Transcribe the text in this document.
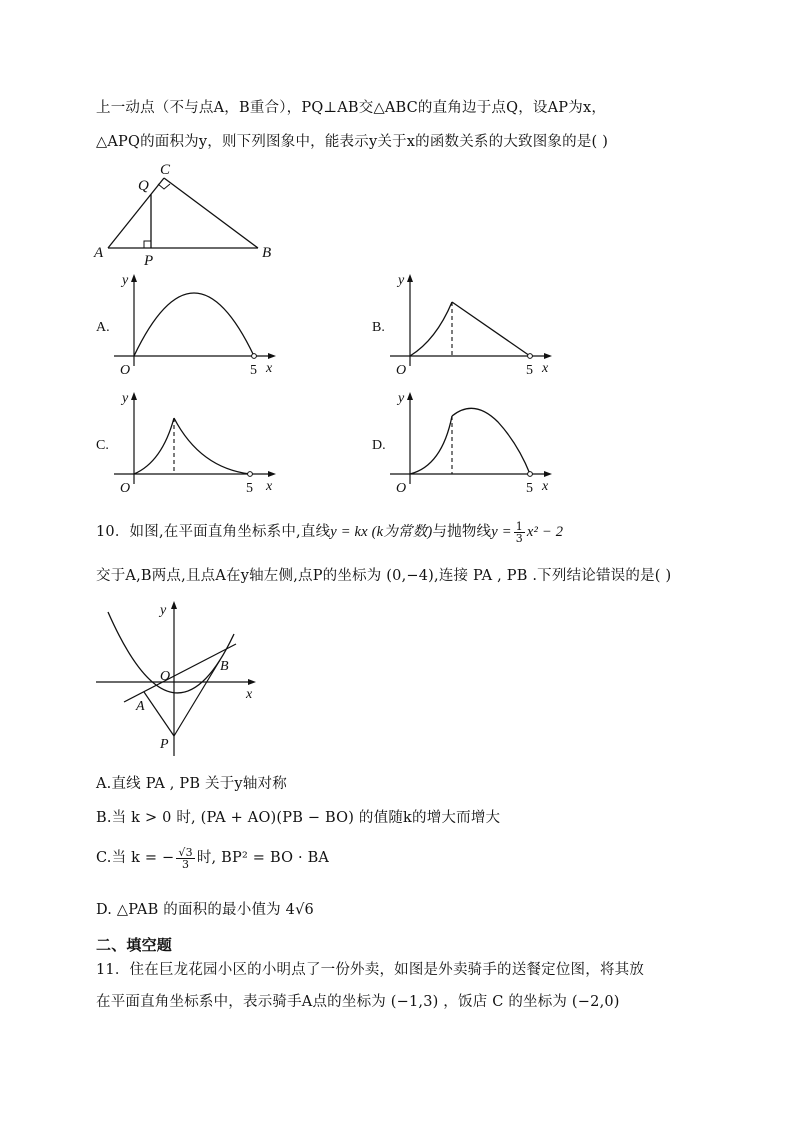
上一动点（不与点A，B重合），PQ⊥AB交△ABC的直角边于点Q，设AP为x，
△APQ的面积为y，则下列图象中，能表示y关于x的函数关系的大致图象的是( )
A	B
C
P
Q
A.	B.
C.	D.
y
x
O	5
y
x
O	5
y
x
O	5
y
x
O	5
10．如图,在平面直角坐标系中,直线y = kx (k为常数)与抛物线$y = \frac{1}{3} x^2 - 2$
交于A,B两点,且点A在y轴左侧,点P的坐标为 (0,−4),连接 PA , PB .下列结论错误的是( )
y
x
O
A
B
P
A.直线 PA , PB 关于y轴对称
B.当 k > 0 时, (PA + AO)(PB − BO) 的值随k的增大而增大
C.当 k = − $\frac{√3}{3}$ 时, BP² = BO · BA
D. △PAB 的面积的最小值为 4√6
二、填空题
11．住在巨龙花园小区的小明点了一份外卖，如图是外卖骑手的送餐定位图，将其放
在平面直角坐标系中，表示骑手A点的坐标为 (−1,3) ，饭店 C 的坐标为 (−2,0)
